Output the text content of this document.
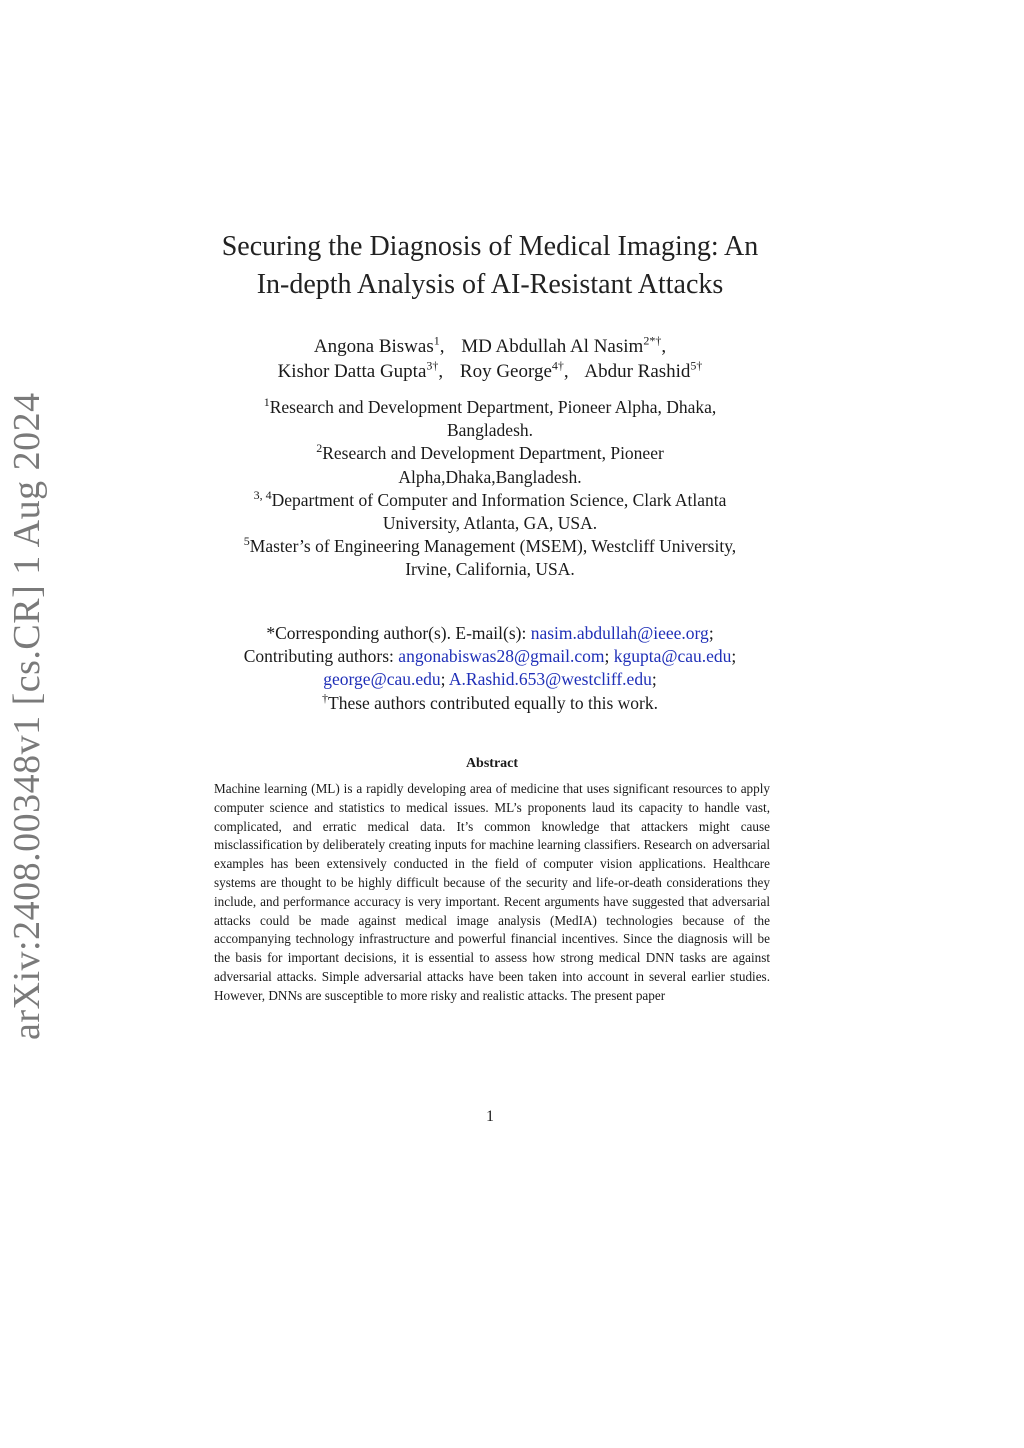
arXiv:2408.00348v1 [cs.CR] 1 Aug 2024
Securing the Diagnosis of Medical Imaging: An
In-depth Analysis of AI-Resistant Attacks
Angona Biswas$^1$, MD Abdullah Al Nasim$^{2*\dagger}$,
Kishor Datta Gupta$^{3\dagger}$, Roy George$^{4\dagger}$, Abdur Rashid$^{5\dagger}$
$^1$Research and Development Department, Pioneer Alpha, Dhaka,
Bangladesh.
$^2$Research and Development Department, Pioneer
Alpha,Dhaka,Bangladesh.
$^{3, 4}$Department of Computer and Information Science, Clark Atlanta
University, Atlanta, GA, USA.
$^5$Master’s of Engineering Management (MSEM), Westcliff University,
Irvine, California, USA.
*Corresponding author(s). E-mail(s): nasim.abdullah@ieee.org;
Contributing authors: angonabiswas28@gmail.com; kgupta@cau.edu;
george@cau.edu; A.Rashid.653@westcliff.edu;
†These authors contributed equally to this work.
Abstract
Machine learning (ML) is a rapidly developing area of medicine that uses significant resources to apply computer science and statistics to medical issues. ML’s proponents laud its capacity to handle vast, complicated, and erratic medical data. It’s common knowledge that attackers might cause misclassification by deliberately creating inputs for machine learning classifiers. Research on adversarial examples has been extensively conducted in the field of computer vision applications. Healthcare systems are thought to be highly difficult because of the security and life-or-death considerations they include, and performance accuracy is very important. Recent arguments have suggested that adversarial attacks could be made against medical image analysis (MedIA) technologies because of the accompanying technology infrastructure and powerful financial incentives. Since the diagnosis will be the basis for important decisions, it is essential to assess how strong medical DNN tasks are against adversarial attacks. Simple adversarial attacks have been taken into account in several earlier studies. However, DNNs are susceptible to more risky and realistic attacks. The present paper
1
